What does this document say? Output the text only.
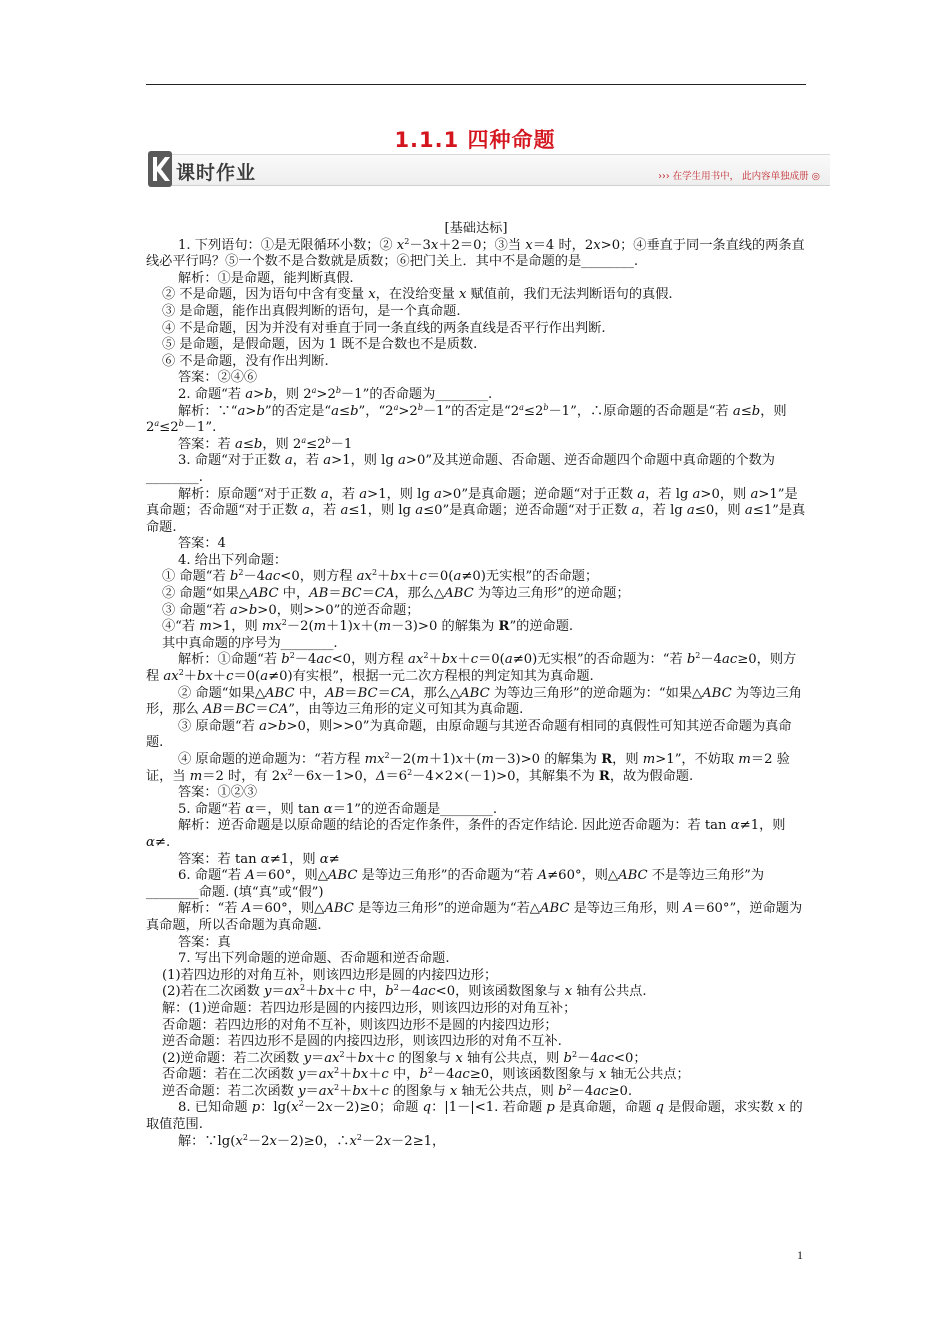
1.1.1 四种命题
课时作业	››› 在学生用书中， 此内容单独成册 ◎

[基础达标]

1. 下列语句：①是无限循环小数；② $x^2-3x+2=0$；③当 x＝4 时，2x>0；④垂直于同一条直线的两条直线必平行吗？⑤一个数不是合数就是质数；⑥把门关上．其中不是命题的是________.

解析：①是命题，能判断真假.

② 不是命题，因为语句中含有变量 x，在没给变量 x 赋值前，我们无法判断语句的真假.

③ 是命题，能作出真假判断的语句，是一个真命题.

④ 不是命题，因为并没有对垂直于同一条直线的两条直线是否平行作出判断.

⑤ 是命题，是假命题，因为 1 既不是合数也不是质数.

⑥ 不是命题，没有作出判断.

答案：②④⑥

2. 命题“若 a>b，则 $2^a>2^b-1$”的否命题为________.

解析：∵“a>b”的否定是“a≤b”，“$2^a>2^b-1$”的否定是“$2^a\le 2^b-1$”，∴原命题的否命题是“若 a≤b，则 $2^a\le 2^b-1$”.

答案：若 a≤b，则 $2^a\le 2^b-1$

3. 命题“对于正数 a，若 a>1，则 lg a>0”及其逆命题、否命题、逆否命题四个命题中真命题的个数为________.

解析：原命题“对于正数 a，若 a>1，则 lg a>0”是真命题；逆命题“对于正数 a，若 lg a>0，则 a>1”是真命题；否命题“对于正数 a，若 a≤1，则 lg a≤0”是真命题；逆否命题“对于正数 a，若 lg a≤0，则 a≤1”是真命题.

答案：4

4. 给出下列命题：

① 命题“若 $b^2-4ac<0$，则方程 $ax^2+bx+c=0(a\ne 0)$无实根”的否命题；

② 命题“如果△ABC 中，AB＝BC＝CA，那么△ABC 为等边三角形”的逆命题；

③ 命题“若 a>b>0，则>>0”的逆否命题；

④“若 m>1，则 $mx^2-2(m+1)x+(m-3)>0$ 的解集为 R”的逆命题.

其中真命题的序号为________.

解析：①命题“若 $b^2-4ac<0$，则方程 $ax^2+bx+c=0(a\ne 0)$无实根”的否命题为：“若 $b^2-4ac\ge 0$，则方程 $ax^2+bx+c=0(a\ne 0)$有实根”，根据一元二次方程根的判定知其为真命题.

② 命题“如果△ABC 中，AB＝BC＝CA，那么△ABC 为等边三角形”的逆命题为：“如果△ABC 为等边三角形，那么 AB＝BC＝CA”，由等边三角形的定义可知其为真命题.

③ 原命题“若 a>b>0，则>>0”为真命题，由原命题与其逆否命题有相同的真假性可知其逆否命题为真命题.

④ 原命题的逆命题为：“若方程 $mx^2-2(m+1)x+(m-3)>0$ 的解集为 R，则 m>1”，不妨取 m＝2 验证，当 m＝2 时，有 $2x^2-6x-1>0$，$\Delta=6^2-4\times 2\times(-1)>0$，其解集不为 R，故为假命题.

答案：①②③

5. 命题“若 α＝，则 tan α＝1”的逆否命题是________.

解析：逆否命题是以原命题的结论的否定作条件，条件的否定作结论. 因此逆否命题为：若 tan α≠1，则 α≠.

答案：若 tan α≠1，则 α≠

6. 命题“若 A＝60°，则△ABC 是等边三角形”的否命题为“若 A≠60°，则△ABC 不是等边三角形”为________命题. (填“真”或“假”)

解析：“若 A＝60°，则△ABC 是等边三角形”的逆命题为“若△ABC 是等边三角形，则 A＝60°”，逆命题为真命题，所以否命题为真命题.

答案：真

7. 写出下列命题的逆命题、否命题和逆否命题.

(1)若四边形的对角互补，则该四边形是圆的内接四边形；

(2)若在二次函数 $y=ax^2+bx+c$ 中，$b^2-4ac<0$，则该函数图象与 x 轴有公共点.

解：(1)逆命题：若四边形是圆的内接四边形，则该四边形的对角互补；

否命题：若四边形的对角不互补，则该四边形不是圆的内接四边形；

逆否命题：若四边形不是圆的内接四边形，则该四边形的对角不互补.

(2)逆命题：若二次函数 $y=ax^2+bx+c$ 的图象与 x 轴有公共点，则 $b^2-4ac<0$；

否命题：若在二次函数 $y=ax^2+bx+c$ 中，$b^2-4ac\ge 0$，则该函数图象与 x 轴无公共点；

逆否命题：若二次函数 $y=ax^2+bx+c$ 的图象与 x 轴无公共点，则 $b^2-4ac\ge 0$.

8. 已知命题 p：$\lg(x^2-2x-2)\ge 0$；命题 q：|1－|<1. 若命题 p 是真命题，命题 q 是假命题，求实数 x 的取值范围.

解：$\because\lg(x^2-2x-2)\ge 0$，$\therefore x^2-2x-2\ge 1$，

1
